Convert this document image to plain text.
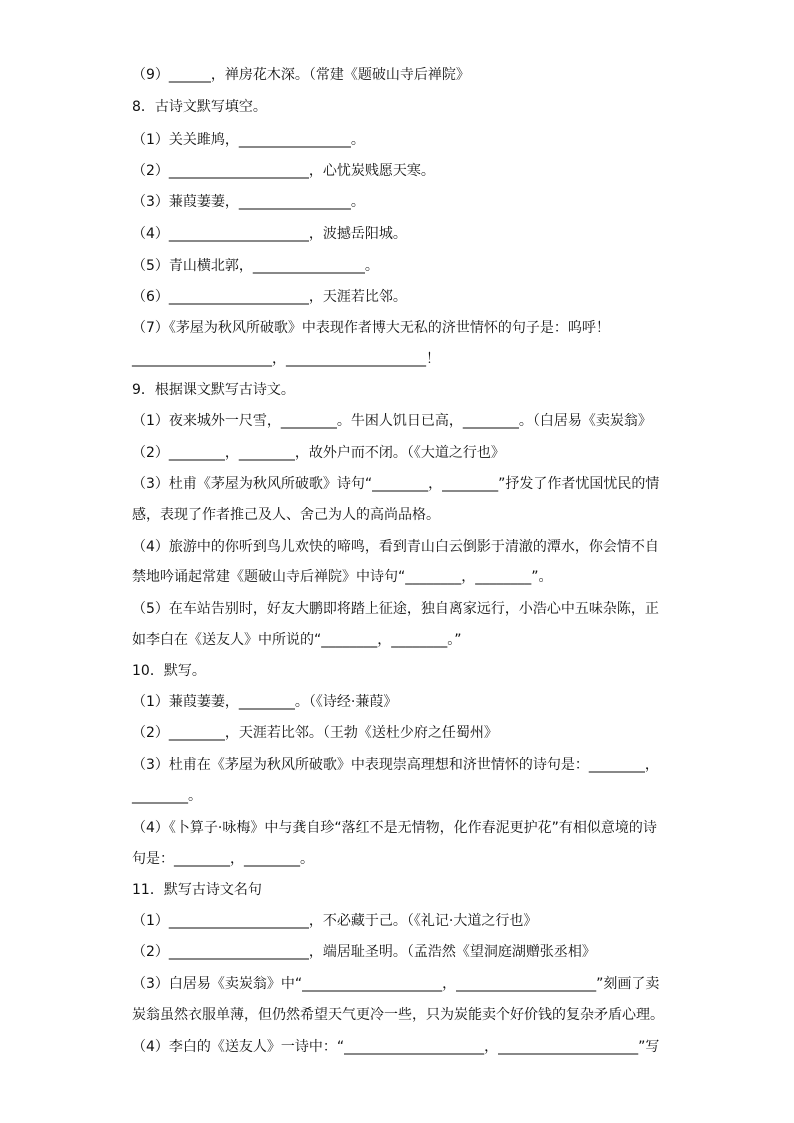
（9）______，禅房花木深。（常建《题破山寺后禅院》
8．古诗文默写填空。
（1）关关雎鸠，________________。
（2）____________________，心忧炭贱愿天寒。
（3）蒹葭萋萋，________________。
（4）____________________，波撼岳阳城。
（5）青山横北郭，________________。
（6）____________________，天涯若比邻。
（7）《茅屋为秋风所破歌》中表现作者博大无私的济世情怀的句子是：呜呼！
____________________，____________________！
9．根据课文默写古诗文。
（1）夜来城外一尺雪，________。牛困人饥日已高，________。（白居易《卖炭翁》
（2）________，________，故外户而不闭。（《大道之行也》
（3）杜甫《茅屋为秋风所破歌》诗句“________，________”抒发了作者忧国忧民的情
感，表现了作者推己及人、舍己为人的高尚品格。
（4）旅游中的你听到鸟儿欢快的啼鸣，看到青山白云倒影于清澈的潭水，你会情不自
禁地吟诵起常建《题破山寺后禅院》中诗句“________，________”。
（5）在车站告别时，好友大鹏即将踏上征途，独自离家远行，小浩心中五味杂陈，正
如李白在《送友人》中所说的“________，________。”
10．默写。
（1）蒹葭萋萋，________。（《诗经·蒹葭》
（2）________，天涯若比邻。（王勃《送杜少府之任蜀州》
（3）杜甫在《茅屋为秋风所破歌》中表现崇高理想和济世情怀的诗句是：________，
________。
（4）《卜算子·咏梅》中与龚自珍“落红不是无情物，化作春泥更护花”有相似意境的诗
句是：________，________。
11．默写古诗文名句
（1）____________________，不必藏于己。（《礼记·大道之行也》
（2）____________________，端居耻圣明。（孟浩然《望洞庭湖赠张丞相》
（3）白居易《卖炭翁》中“____________________，____________________”刻画了卖
炭翁虽然衣服单薄，但仍然希望天气更冷一些，只为炭能卖个好价钱的复杂矛盾心理。
（4）李白的《送友人》一诗中：“____________________，____________________”写
